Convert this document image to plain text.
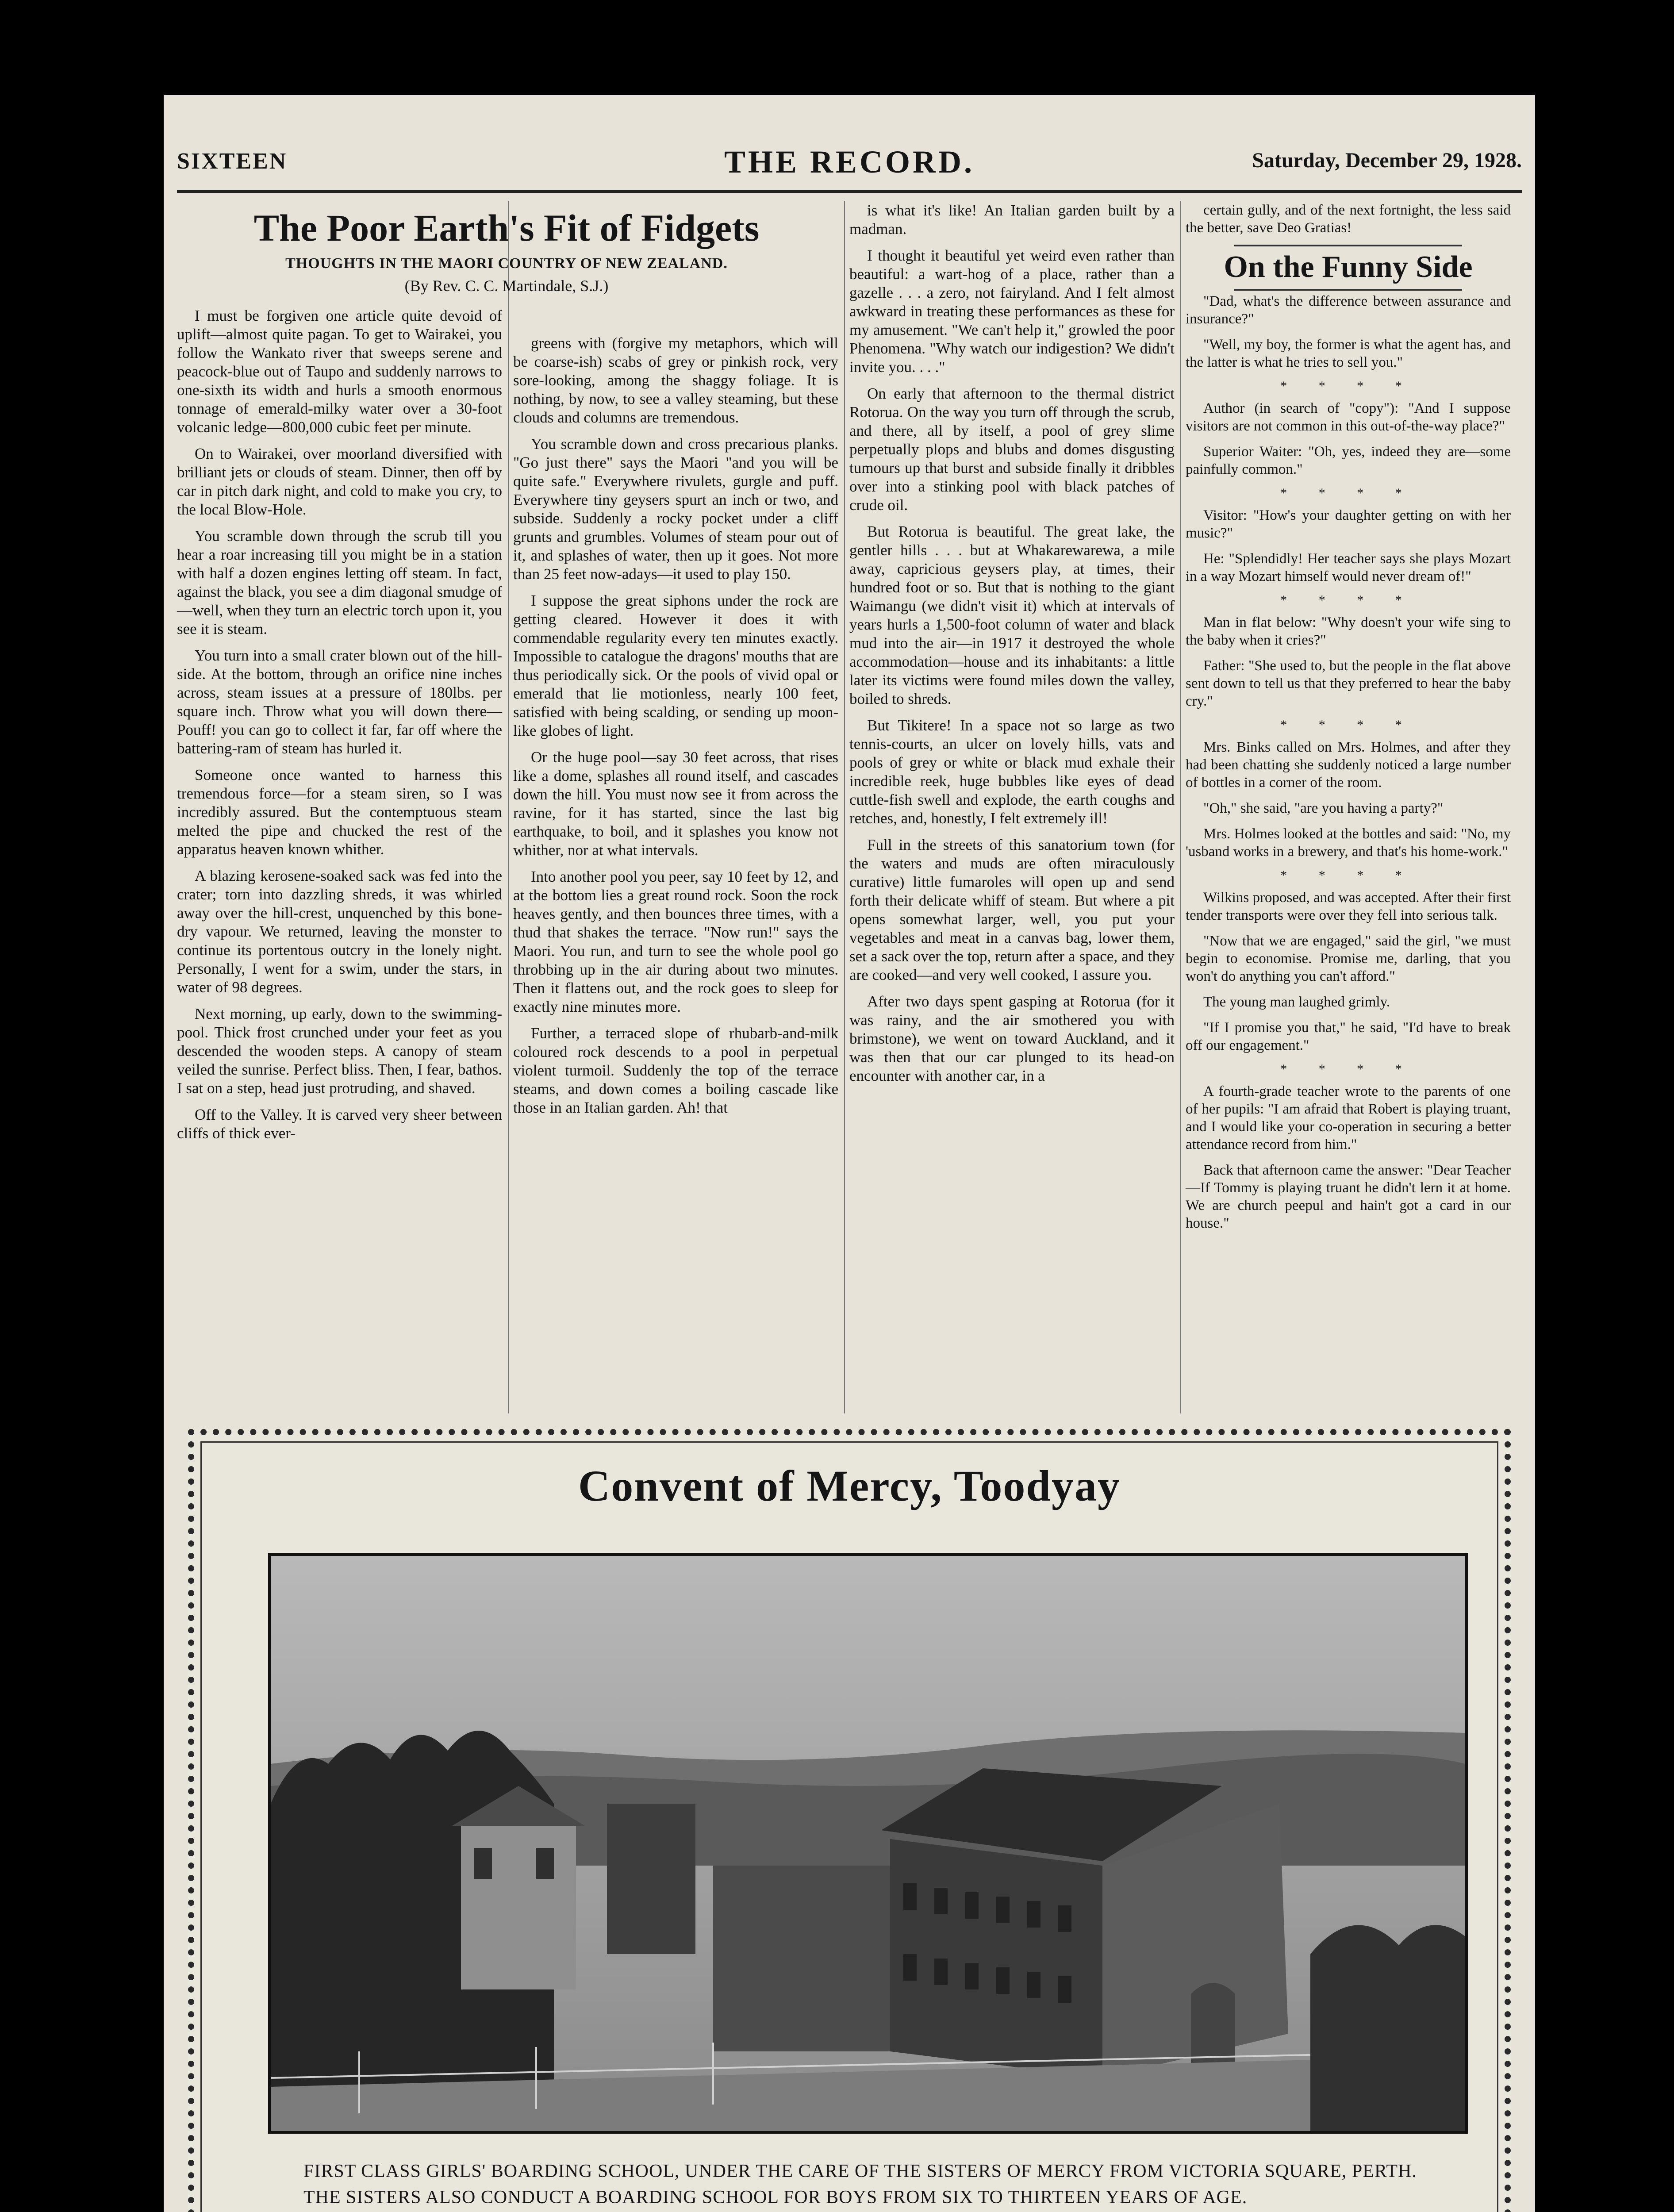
SIXTEEN	THE RECORD.	Saturday, December 29, 1928.
The Poor Earth's Fit of Fidgets
THOUGHTS IN THE MAORI COUNTRY OF NEW ZEALAND.
(By Rev. C. C. Martindale, S.J.)

I must be forgiven one article quite devoid of uplift—almost quite pagan. To get to Wairakei, you follow the Wankato river that sweeps serene and peacock-blue out of Taupo and suddenly narrows to one-sixth its width and hurls a smooth enormous tonnage of emerald-milky water over a 30-foot volcanic ledge—800,000 cubic feet per minute.

On to Wairakei, over moorland diversified with brilliant jets or clouds of steam. Dinner, then off by car in pitch dark night, and cold to make you cry, to the local Blow-Hole.

You scramble down through the scrub till you hear a roar increasing till you might be in a station with half a dozen engines letting off steam. In fact, against the black, you see a dim diagonal smudge of—well, when they turn an electric torch upon it, you see it is steam.

You turn into a small crater blown out of the hill-side. At the bottom, through an orifice nine inches across, steam issues at a pressure of 180lbs. per square inch. Throw what you will down there—Pouff! you can go to collect it far, far off where the battering-ram of steam has hurled it.

Someone once wanted to harness this tremendous force—for a steam siren, so I was incredibly assured. But the contemptuous steam melted the pipe and chucked the rest of the apparatus heaven known whither.

A blazing kerosene-soaked sack was fed into the crater; torn into dazzling shreds, it was whirled away over the hill-crest, unquenched by this bone-dry vapour. We returned, leaving the monster to continue its portentous outcry in the lonely night. Personally, I went for a swim, under the stars, in water of 98 degrees.

Next morning, up early, down to the swimming-pool. Thick frost crunched under your feet as you descended the wooden steps. A canopy of steam veiled the sunrise. Perfect bliss. Then, I fear, bathos. I sat on a step, head just protruding, and shaved.

Off to the Valley. It is carved very sheer between cliffs of thick ever-

greens with (forgive my metaphors, which will be coarse-ish) scabs of grey or pinkish rock, very sore-looking, among the shaggy foliage. It is nothing, by now, to see a valley steaming, but these clouds and columns are tremendous.

You scramble down and cross precarious planks. "Go just there" says the Maori "and you will be quite safe." Everywhere rivulets, gurgle and puff. Everywhere tiny geysers spurt an inch or two, and subside. Suddenly a rocky pocket under a cliff grunts and grumbles. Volumes of steam pour out of it, and splashes of water, then up it goes. Not more than 25 feet now-adays—it used to play 150.

I suppose the great siphons under the rock are getting cleared. However it does it with commendable regularity every ten minutes exactly. Impossible to catalogue the dragons' mouths that are thus periodically sick. Or the pools of vivid opal or emerald that lie motionless, nearly 100 feet, satisfied with being scalding, or sending up moon-like globes of light.

Or the huge pool—say 30 feet across, that rises like a dome, splashes all round itself, and cascades down the hill. You must now see it from across the ravine, for it has started, since the last big earthquake, to boil, and it splashes you know not whither, nor at what intervals.

Into another pool you peer, say 10 feet by 12, and at the bottom lies a great round rock. Soon the rock heaves gently, and then bounces three times, with a thud that shakes the terrace. "Now run!" says the Maori. You run, and turn to see the whole pool go throbbing up in the air during about two minutes. Then it flattens out, and the rock goes to sleep for exactly nine minutes more.

Further, a terraced slope of rhubarb-and-milk coloured rock descends to a pool in perpetual violent turmoil. Suddenly the top of the terrace steams, and down comes a boiling cascade like those in an Italian garden. Ah! that

is what it's like! An Italian garden built by a madman.

I thought it beautiful yet weird even rather than beautiful: a wart-hog of a place, rather than a gazelle . . . a zero, not fairyland. And I felt almost awkward in treating these performances as these for my amusement. "We can't help it," growled the poor Phenomena. "Why watch our indigestion? We didn't invite you. . . ."

On early that afternoon to the thermal district Rotorua. On the way you turn off through the scrub, and there, all by itself, a pool of grey slime perpetually plops and blubs and domes disgusting tumours up that burst and subside finally it dribbles over into a stinking pool with black patches of crude oil.

But Rotorua is beautiful. The great lake, the gentler hills . . . but at Whakarewarewa, a mile away, capricious geysers play, at times, their hundred foot or so. But that is nothing to the giant Waimangu (we didn't visit it) which at intervals of years hurls a 1,500-foot column of water and black mud into the air—in 1917 it destroyed the whole accommodation—house and its inhabitants: a little later its victims were found miles down the valley, boiled to shreds.

But Tikitere! In a space not so large as two tennis-courts, an ulcer on lovely hills, vats and pools of grey or white or black mud exhale their incredible reek, huge bubbles like eyes of dead cuttle-fish swell and explode, the earth coughs and retches, and, honestly, I felt extremely ill!

Full in the streets of this sanatorium town (for the waters and muds are often miraculously curative) little fumaroles will open up and send forth their delicate whiff of steam. But where a pit opens somewhat larger, well, you put your vegetables and meat in a canvas bag, lower them, set a sack over the top, return after a space, and they are cooked—and very well cooked, I assure you.

After two days spent gasping at Rotorua (for it was rainy, and the air smothered you with brimstone), we went on toward Auckland, and it was then that our car plunged to its head-on encounter with another car, in a

certain gully, and of the next fortnight, the less said the better, save Deo Gratias!

On the Funny Side

"Dad, what's the difference between assurance and insurance?"

"Well, my boy, the former is what the agent has, and the latter is what he tries to sell you."

* * * *

Author (in search of "copy"): "And I suppose visitors are not common in this out-of-the-way place?"

Superior Waiter: "Oh, yes, indeed they are—some painfully common."

* * * *

Visitor: "How's your daughter getting on with her music?"

He: "Splendidly! Her teacher says she plays Mozart in a way Mozart himself would never dream of!"

* * * *

Man in flat below: "Why doesn't your wife sing to the baby when it cries?"

Father: "She used to, but the people in the flat above sent down to tell us that they preferred to hear the baby cry."

* * * *

Mrs. Binks called on Mrs. Holmes, and after they had been chatting she suddenly noticed a large number of bottles in a corner of the room.

"Oh," she said, "are you having a party?"

Mrs. Holmes looked at the bottles and said: "No, my 'usband works in a brewery, and that's his home-work."

* * * *

Wilkins proposed, and was accepted. After their first tender transports were over they fell into serious talk.

"Now that we are engaged," said the girl, "we must begin to economise. Promise me, darling, that you won't do anything you can't afford."

The young man laughed grimly.

"If I promise you that," he said, "I'd have to break off our engagement."

* * * *

A fourth-grade teacher wrote to the parents of one of her pupils: "I am afraid that Robert is playing truant, and I would like your co-operation in securing a better attendance record from him."

Back that afternoon came the answer: "Dear Teacher—If Tommy is playing truant he didn't lern it at home. We are church peepul and hain't got a card in our house."

Convent of Mercy, Toodyay
FIRST CLASS GIRLS' BOARDING SCHOOL, UNDER THE CARE OF THE SISTERS OF MERCY FROM VICTORIA SQUARE, PERTH.
THE SISTERS ALSO CONDUCT A BOARDING SCHOOL FOR BOYS FROM SIX TO THIRTEEN YEARS OF AGE.
